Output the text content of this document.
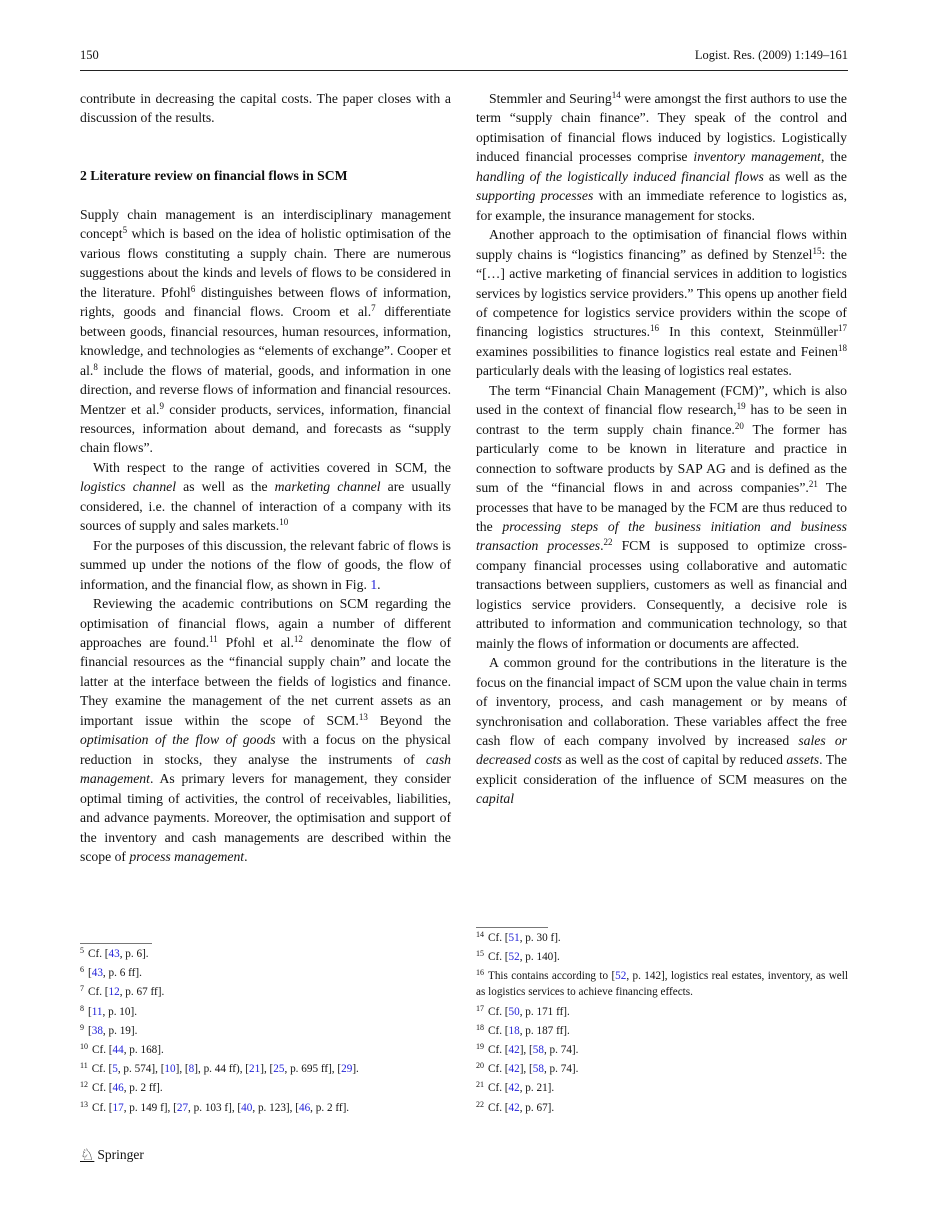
150	Logist. Res. (2009) 1:149–161

contribute in decreasing the capital costs. The paper closes with a discussion of the results.

2 Literature review on financial flows in SCM

Supply chain management is an interdisciplinary management concept$^5$ which is based on the idea of holistic optimisation of the various flows constituting a supply chain. There are numerous suggestions about the kinds and levels of flows to be considered in the literature. Pfohl$^6$ distinguishes between flows of information, rights, goods and financial flows. Croom et al.$^7$ differentiate between goods, financial resources, human resources, information, knowledge, and technologies as “elements of exchange”. Cooper et al.$^8$ include the flows of material, goods, and information in one direction, and reverse flows of information and financial resources. Mentzer et al.$^9$ consider products, services, information, financial resources, information about demand, and forecasts as “supply chain flows”.

With respect to the range of activities covered in SCM, the logistics channel as well as the marketing channel are usually considered, i.e. the channel of interaction of a company with its sources of supply and sales markets.$^{10}$

For the purposes of this discussion, the relevant fabric of flows is summed up under the notions of the flow of goods, the flow of information, and the financial flow, as shown in Fig. 1.

Reviewing the academic contributions on SCM regarding the optimisation of financial flows, again a number of different approaches are found.$^{11}$ Pfohl et al.$^{12}$ denominate the flow of financial resources as the “financial supply chain” and locate the latter at the interface between the fields of logistics and finance. They examine the management of the net current assets as an important issue within the scope of SCM.$^{13}$ Beyond the optimisation of the flow of goods with a focus on the physical reduction in stocks, they analyse the instruments of cash management. As primary levers for management, they consider optimal timing of activities, the control of receivables, liabilities, and advance payments. Moreover, the optimisation and support of the inventory and cash managements are described within the scope of process management.

Stemmler and Seuring$^{14}$ were amongst the first authors to use the term “supply chain finance”. They speak of the control and optimisation of financial flows induced by logistics. Logistically induced financial processes comprise inventory management, the handling of the logistically induced financial flows as well as the supporting processes with an immediate reference to logistics as, for example, the insurance management for stocks.

Another approach to the optimisation of financial flows within supply chains is “logistics financing” as defined by Stenzel$^{15}$: the “[…] active marketing of financial services in addition to logistics services by logistics service providers.” This opens up another field of competence for logistics service providers within the scope of financing logistics structures.$^{16}$ In this context, Steinmüller$^{17}$ examines possibilities to finance logistics real estate and Feinen$^{18}$ particularly deals with the leasing of logistics real estates.

The term “Financial Chain Management (FCM)”, which is also used in the context of financial flow research,$^{19}$ has to be seen in contrast to the term supply chain finance.$^{20}$ The former has particularly come to be known in literature and practice in connection to software products by SAP AG and is defined as the sum of the “financial flows in and across companies”.$^{21}$ The processes that have to be managed by the FCM are thus reduced to the processing steps of the business initiation and business transaction processes.$^{22}$ FCM is supposed to optimize cross-company financial processes using collaborative and automatic transactions between suppliers, customers as well as financial and logistics service providers. Consequently, a decisive role is attributed to information and communication technology, so that mainly the flows of information or documents are affected.

A common ground for the contributions in the literature is the focus on the financial impact of SCM upon the value chain in terms of inventory, process, and cash management or by means of synchronisation and collaboration. These variables affect the free cash flow of each company involved by increased sales or decreased costs as well as the cost of capital by reduced assets. The explicit consideration of the influence of SCM measures on the capital

$^5$ Cf. [43, p. 6].
$^6$ [43, p. 6 ff].
$^7$ Cf. [12, p. 67 ff].
$^8$ [11, p. 10].
$^9$ [38, p. 19].
$^{10}$ Cf. [44, p. 168].
$^{11}$ Cf. [5, p. 574], [10], [8], p. 44 ff), [21], [25, p. 695 ff], [29].
$^{12}$ Cf. [46, p. 2 ff].
$^{13}$ Cf. [17, p. 149 f], [27, p. 103 f], [40, p. 123], [46, p. 2 ff].
$^{14}$ Cf. [51, p. 30 f].
$^{15}$ Cf. [52, p. 140].
$^{16}$ This contains according to [52, p. 142], logistics real estates, inventory, as well as logistics services to achieve financing effects.
$^{17}$ Cf. [50, p. 171 ff].
$^{18}$ Cf. [18, p. 187 ff].
$^{19}$ Cf. [42], [58, p. 74].
$^{20}$ Cf. [42], [58, p. 74].
$^{21}$ Cf. [42, p. 21].
$^{22}$ Cf. [42, p. 67].
♘ Springer
